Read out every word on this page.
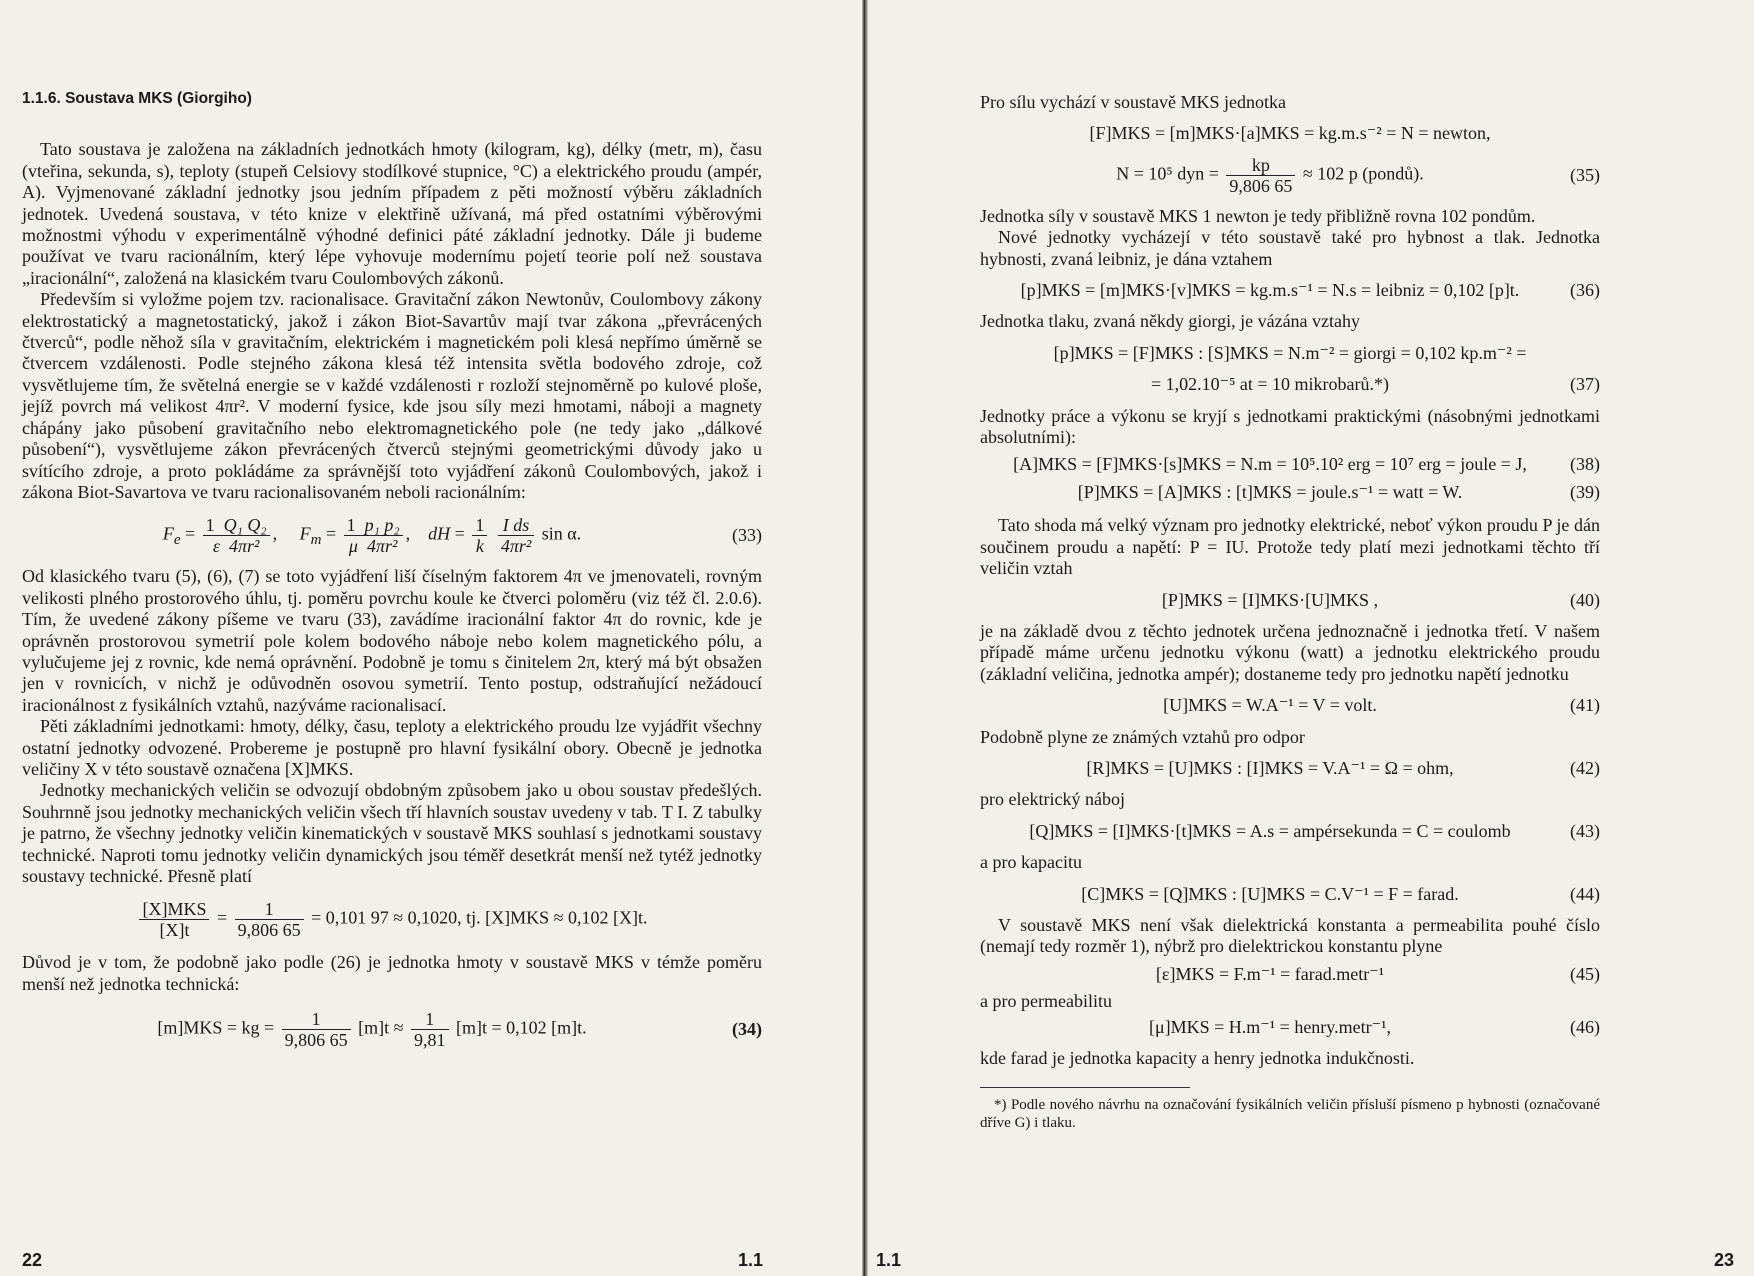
1.1.6. Soustava MKS (Giorgiho)

Tato soustava je založena na základních jednotkách hmoty (kilogram, kg), délky (metr, m), času (vteřina, sekunda, s), teploty (stupeň Celsiovy stodílkové stupnice, °C) a elektrického proudu (ampér, A). Vyjmenované základní jednotky jsou jedním případem z pěti možností výběru základních jednotek. Uvedená soustava, v této knize v elektřině užívaná, má před ostatními výběrovými možnostmi výhodu v experimentálně výhodné definici páté základní jednotky. Dále ji budeme používat ve tvaru racionálním, který lépe vyhovuje modernímu pojetí teorie polí než soustava „iracionální“, založená na klasickém tvaru Coulombových zákonů.

Především si vyložme pojem tzv. racionalisace. Gravitační zákon Newtonův, Coulombovy zákony elektrostatický a magnetostatický, jakož i zákon Biot-Savartův mají tvar zákona „převrácených čtverců“, podle něhož síla v gravitačním, elektrickém i magnetickém poli klesá nepřímo úměrně se čtvercem vzdálenosti. Podle stejného zákona klesá též intensita světla bodového zdroje, což vysvětlujeme tím, že světelná energie se v každé vzdálenosti r rozloží stejnoměrně po kulové ploše, jejíž povrch má velikost 4πr². V moderní fysice, kde jsou síly mezi hmotami, náboji a magnety chápány jako působení gravitačního nebo elektromagnetického pole (ne tedy jako „dálkové působení“), vysvětlujeme zákon převrácených čtverců stejnými geometrickými důvody jako u svítícího zdroje, a proto pokládáme za správnější toto vyjádření zákonů Coulombových, jakož i zákona Biot-Savartova ve tvaru racionalisovaném neboli racionálním:

$F_e = \frac{\text{1 Q₁ Q₂}}{\text{ε 4πr²}}$ , $F_m = \frac{\text{1 p₁ p₂}}{\text{μ 4πr²}}$ , dH = $\frac{1}{k}$
$\frac{\text{I ds}}{\text{4πr²}}$ sin α.	(33)

Od klasického tvaru (5), (6), (7) se toto vyjádření liší číselným faktorem 4π ve jmenovateli, rovným velikosti plného prostorového úhlu, tj. poměru povrchu koule ke čtverci poloměru (viz též čl. 2.0.6). Tím, že uvedené zákony píšeme ve tvaru (33), zavádíme iracionální faktor 4π do rovnic, kde je oprávněn prostorovou symetrií pole kolem bodového náboje nebo kolem magnetického pólu, a vylučujeme jej z rovnic, kde nemá oprávnění. Podobně je tomu s činitelem 2π, který má být obsažen jen v rovnicích, v nichž je odůvodněn osovou symetrií. Tento postup, odstraňující nežádoucí iracionálnost z fysikálních vztahů, nazýváme racionalisací.

Pěti základními jednotkami: hmoty, délky, času, teploty a elektrického proudu lze vyjádřit všechny ostatní jednotky odvozené. Probereme je postupně pro hlavní fysikální obory. Obecně je jednotka veličiny X v této soustavě označena [X]MKS.

Jednotky mechanických veličin se odvozují obdobným způsobem jako u obou soustav předešlých. Souhrnně jsou jednotky mechanických veličin všech tří hlavních soustav uvedeny v tab. T I. Z tabulky je patrno, že všechny jednotky veličin kinematických v soustavě MKS souhlasí s jednotkami soustavy technické. Naproti tomu jednotky veličin dynamických jsou téměř desetkrát menší než tytéž jednotky soustavy technické. Přesně platí

$\frac{\text{[X]MKS}}{[X]t} = \frac{1}{9,806 65} = 0,101$ 97 ≈ 0,1020, tj. [X]MKS ≈ 0,102 [X]t.

Důvod je v tom, že podobně jako podle (26) je jednotka hmoty v soustavě MKS v témže poměru menší než jednotka technická:

[m]MKS = kg = $\frac{1}{9,806 65} [m]t \approx \frac{1}{9,81} [m]t = 0,102$ [m]t.	(34)
22	1.1

Pro sílu vychází v soustavě MKS jednotka

[F]MKS = [m]MKS·[a]MKS = kg.m.s⁻² = N = newton,
N = 10⁵ dyn = $\frac{kp}{9,806 65} \approx 102$ p (pondů).	(35)

Jednotka síly v soustavě MKS 1 newton je tedy přibližně rovna 102 pondům.

Nové jednotky vycházejí v této soustavě také pro hybnost a tlak. Jednotka hybnosti, zvaná leibniz, je dána vztahem

[p]MKS = [m]MKS·[v]MKS = kg.m.s⁻¹ = N.s = leibniz = 0,102 [p]t.	(36)

Jednotka tlaku, zvaná někdy giorgi, je vázána vztahy

[p]MKS = [F]MKS : [S]MKS = N.m⁻² = giorgi = 0,102 kp.m⁻² =
= 1,02.10⁻⁵ at = 10 mikrobarů.*)	(37)

Jednotky práce a výkonu se kryjí s jednotkami praktickými (násobnými jednotkami absolutními):

[A]MKS = [F]MKS·[s]MKS = N.m = 10⁵.10² erg = 10⁷ erg = joule = J,	(38)
[P]MKS = [A]MKS : [t]MKS = joule.s⁻¹ = watt = W.	(39)

Tato shoda má velký význam pro jednotky elektrické, neboť výkon proudu P je dán součinem proudu a napětí: P = IU. Protože tedy platí mezi jednotkami těchto tří veličin vztah

[P]MKS = [I]MKS·[U]MKS ,	(40)

je na základě dvou z těchto jednotek určena jednoznačně i jednotka třetí. V našem případě máme určenu jednotku výkonu (watt) a jednotku elektrického proudu (základní veličina, jednotka ampér); dostaneme tedy pro jednotku napětí jednotku

[U]MKS = W.A⁻¹ = V = volt.	(41)

Podobně plyne ze známých vztahů pro odpor

[R]MKS = [U]MKS : [I]MKS = V.A⁻¹ = Ω = ohm,	(42)

pro elektrický náboj

[Q]MKS = [I]MKS·[t]MKS = A.s = ampérsekunda = C = coulomb	(43)

a pro kapacitu

[C]MKS = [Q]MKS : [U]MKS = C.V⁻¹ = F = farad.	(44)

V soustavě MKS není však dielektrická konstanta a permeabilita pouhé číslo (nemají tedy rozměr 1), nýbrž pro dielektrickou konstantu plyne

[ε]MKS = F.m⁻¹ = farad.metr⁻¹	(45)

a pro permeabilitu

[μ]MKS = H.m⁻¹ = henry.metr⁻¹,	(46)

kde farad je jednotka kapacity a henry jednotka indukčnosti.

*) Podle nového návrhu na označování fysikálních veličin přísluší písmeno p hybnosti (označované dříve G) i tlaku.

1.1	23
